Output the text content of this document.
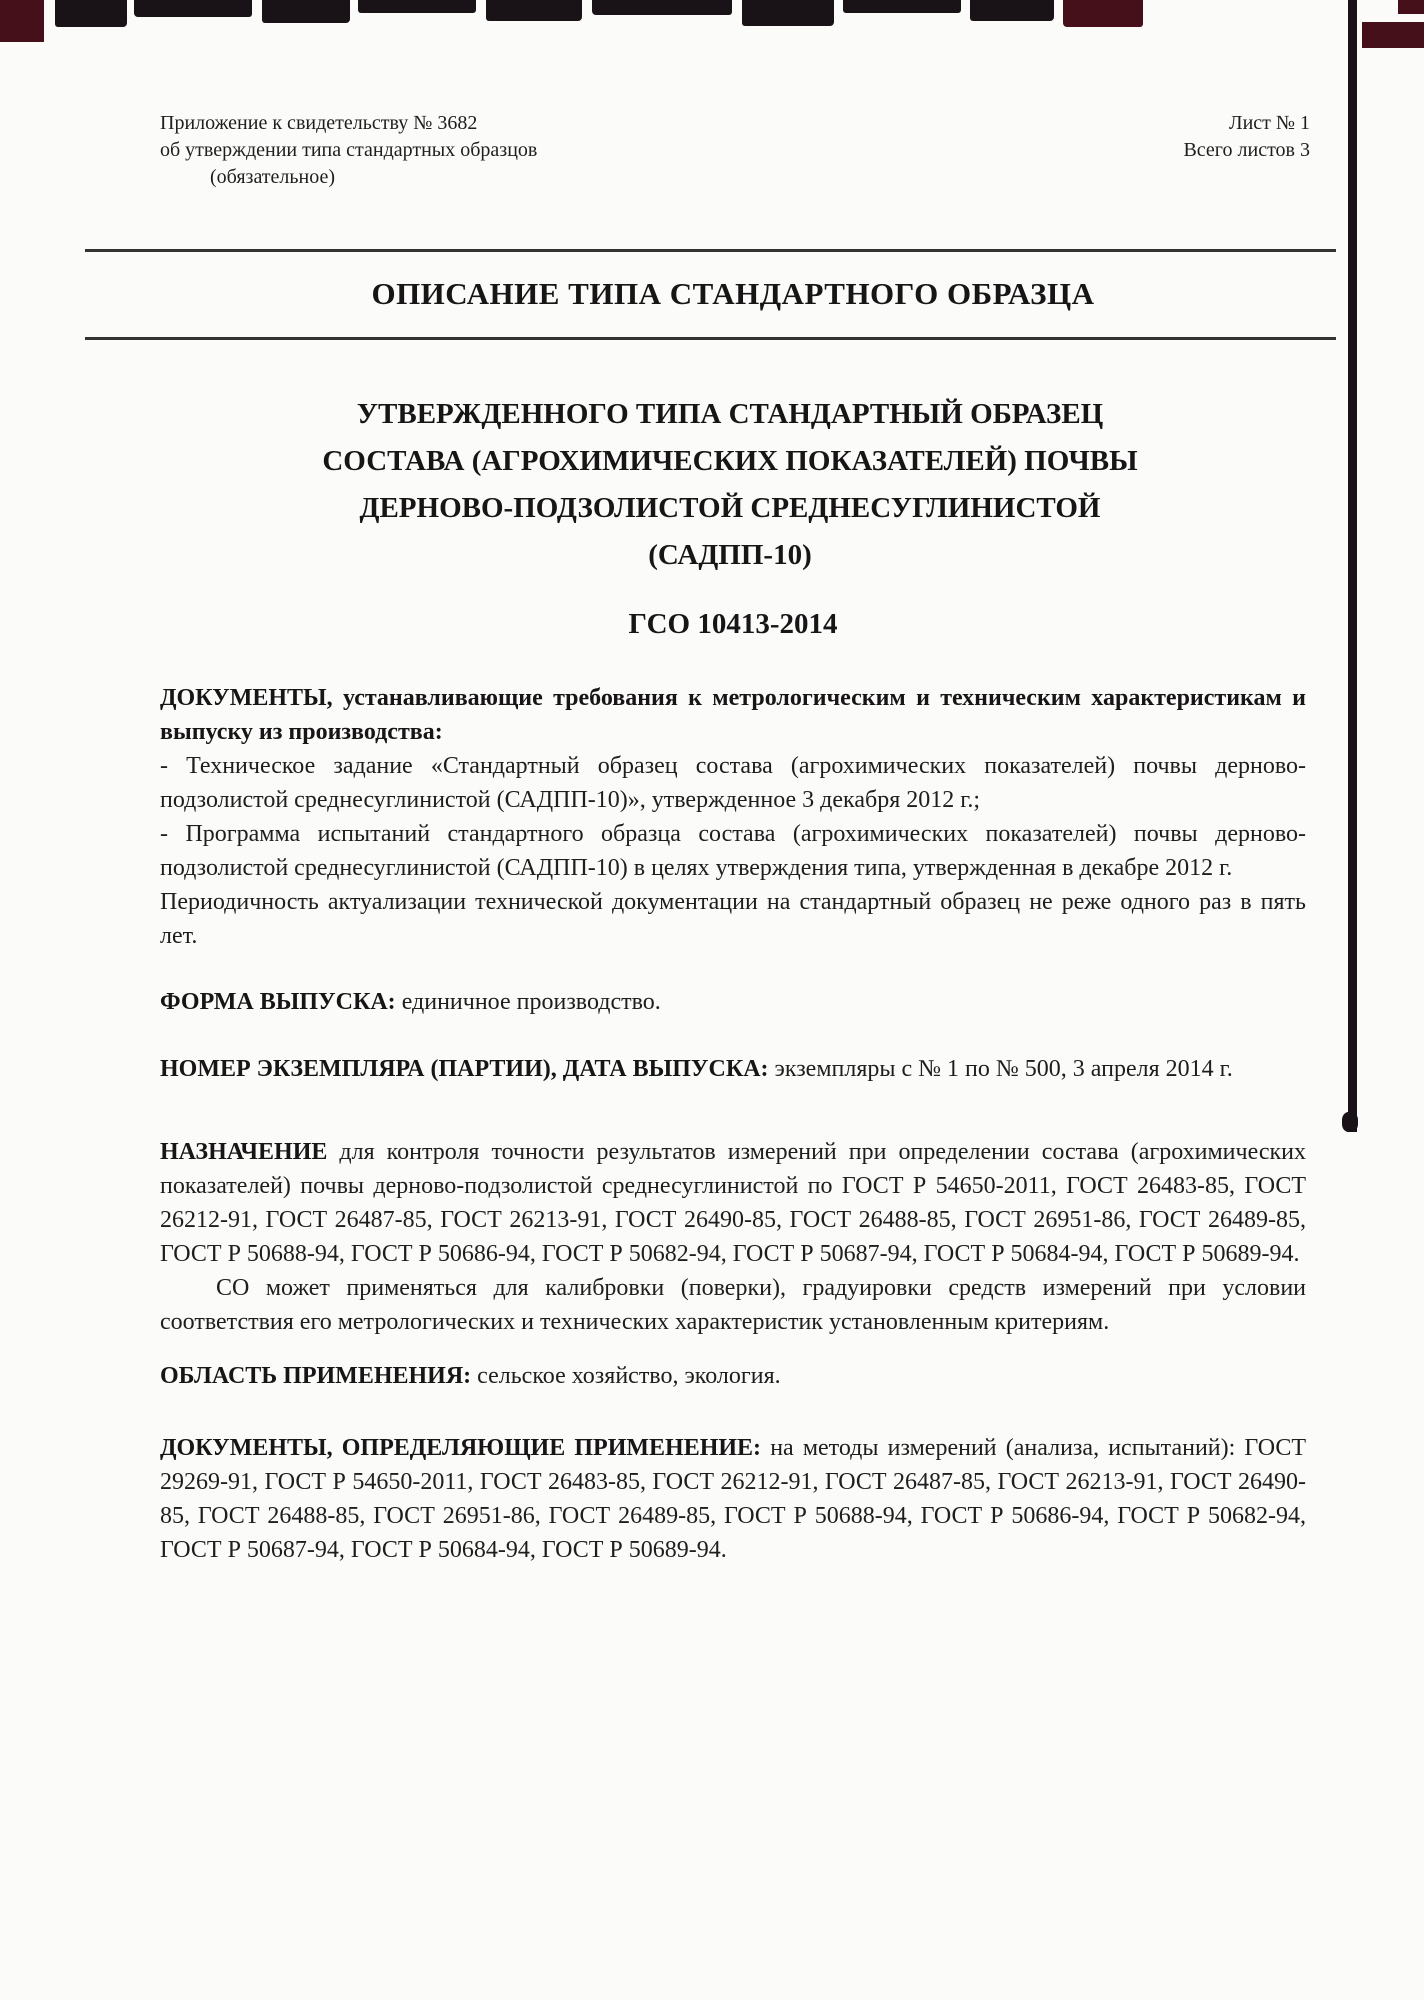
Приложение к свидетельству № 3682
об утверждении типа стандартных образцов
(обязательное)
Лист № 1
Всего листов 3
ОПИСАНИЕ ТИПА СТАНДАРТНОГО ОБРАЗЦА
УТВЕРЖДЕННОГО ТИПА СТАНДАРТНЫЙ ОБРАЗЕЦ
СОСТАВА (АГРОХИМИЧЕСКИХ ПОКАЗАТЕЛЕЙ) ПОЧВЫ
ДЕРНОВО-ПОДЗОЛИСТОЙ СРЕДНЕСУГЛИНИСТОЙ
(САДПП-10)
ГСО 10413-2014

ДОКУМЕНТЫ, устанавливающие требования к метрологическим и техническим характеристикам и выпуску из производства:

- Техническое задание «Стандартный образец состава (агрохимических показателей) почвы дерново-подзолистой среднесуглинистой (САДПП-10)», утвержденное 3 декабря 2012 г.;

- Программа испытаний стандартного образца состава (агрохимических показателей) почвы дерново-подзолистой среднесуглинистой (САДПП-10) в целях утверждения типа, утвержденная в декабре 2012 г.

Периодичность актуализации технической документации на стандартный образец не реже одного раз в пять лет.

ФОРМА ВЫПУСКА: единичное производство.

НОМЕР ЭКЗЕМПЛЯРА (ПАРТИИ), ДАТА ВЫПУСКА: экземпляры с № 1 по № 500, 3 апреля 2014 г.

НАЗНАЧЕНИЕ для контроля точности результатов измерений при определении состава (агрохимических показателей) почвы дерново-подзолистой среднесуглинистой по ГОСТ Р 54650-2011, ГОСТ 26483-85, ГОСТ 26212-91, ГОСТ 26487-85, ГОСТ 26213-91, ГОСТ 26490-85, ГОСТ 26488-85, ГОСТ 26951-86, ГОСТ 26489-85, ГОСТ Р 50688-94, ГОСТ Р 50686-94, ГОСТ Р 50682-94, ГОСТ Р 50687-94, ГОСТ Р 50684-94, ГОСТ Р 50689-94.

СО может применяться для калибровки (поверки), градуировки средств измерений при условии соответствия его метрологических и технических характеристик установленным критериям.

ОБЛАСТЬ ПРИМЕНЕНИЯ: сельское хозяйство, экология.

ДОКУМЕНТЫ, ОПРЕДЕЛЯЮЩИЕ ПРИМЕНЕНИЕ: на методы измерений (анализа, испытаний): ГОСТ 29269-91, ГОСТ Р 54650-2011, ГОСТ 26483-85, ГОСТ 26212-91, ГОСТ 26487-85, ГОСТ 26213-91, ГОСТ 26490-85, ГОСТ 26488-85, ГОСТ 26951-86, ГОСТ 26489-85, ГОСТ Р 50688-94, ГОСТ Р 50686-94, ГОСТ Р 50682-94, ГОСТ Р 50687-94, ГОСТ Р 50684-94, ГОСТ Р 50689-94.
